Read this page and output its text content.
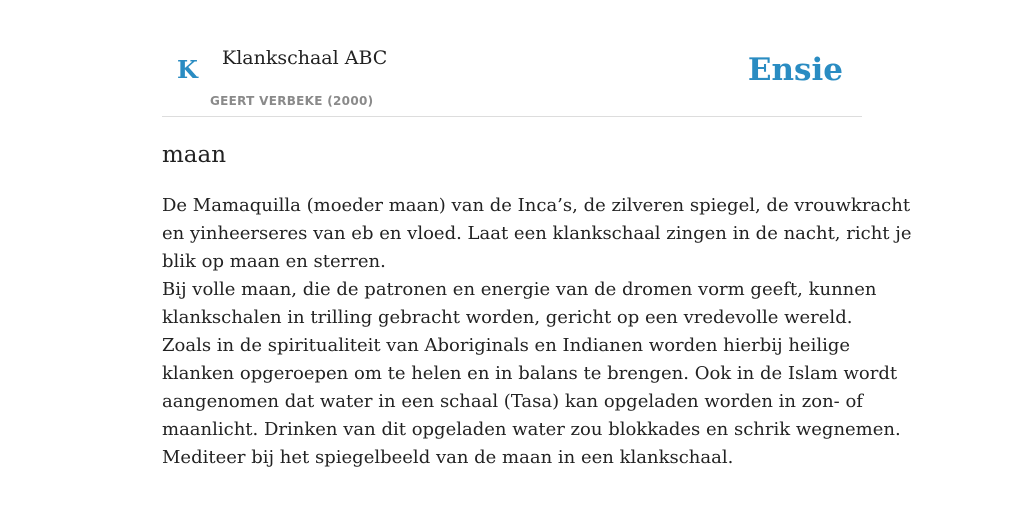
K Klankschaal ABC
GEERT VERBEKE (2000)
Ensie
maan
De Mamaquilla (moeder maan) van de Inca’s, de zilveren spiegel, de vrouwkracht
en yinheerseres van eb en vloed. Laat een klankschaal zingen in de nacht, richt je
blik op maan en sterren.
Bij volle maan, die de patronen en energie van de dromen vorm geeft, kunnen
klankschalen in trilling gebracht worden, gericht op een vredevolle wereld.
Zoals in de spiritualiteit van Aboriginals en Indianen worden hierbij heilige
klanken opgeroepen om te helen en in balans te brengen. Ook in de Islam wordt
aangenomen dat water in een schaal (Tasa) kan opgeladen worden in zon- of
maanlicht. Drinken van dit opgeladen water zou blokkades en schrik wegnemen.
Mediteer bij het spiegelbeeld van de maan in een klankschaal.
